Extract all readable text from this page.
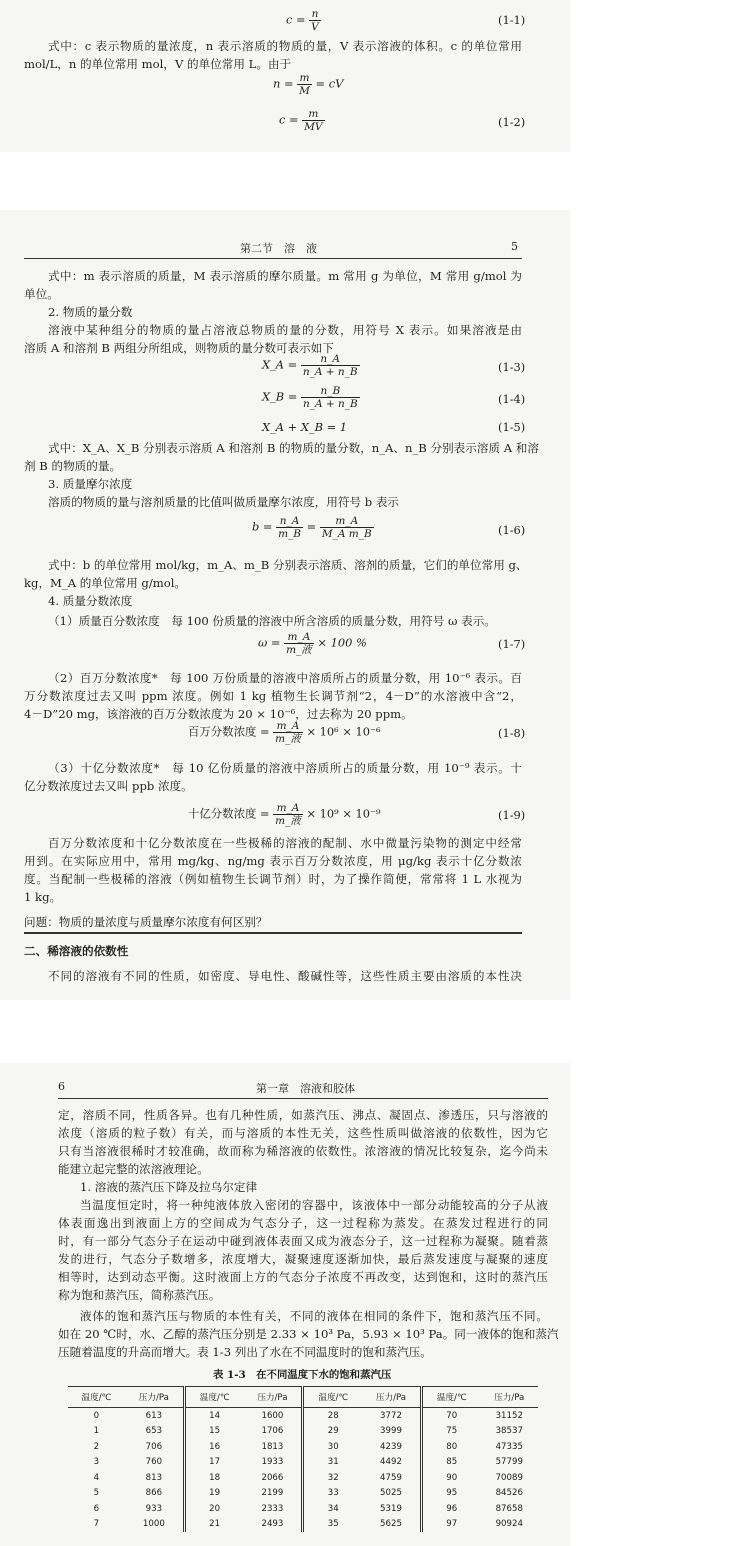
$c = \frac{n}{V}$	(1-1)
式中：c 表示物质的量浓度，n 表示溶质的物质的量，V 表示溶液的体积。c 的单位常用
mol/L，n 的单位常用 mol，V 的单位常用 L。由于
$n = \frac{m}{M}$ = cV
$c = \frac{m}{MV}$	(1-2)
第二节　溶　液	5
式中：m 表示溶质的质量，M 表示溶质的摩尔质量。m 常用 g 为单位，M 常用 g/mol 为
单位。
2. 物质的量分数
溶液中某种组分的物质的量占溶液总物质的量的分数，用符号 X 表示。如果溶液是由
溶质 A 和溶剂 B 两组分所组成，则物质的量分数可表示如下
X_A = $\frac{n\_A}{n\_A + n\_B}$	(1-3)
X_B = $\frac{n\_B}{n\_A + n\_B}$	(1-4)
X_A + X_B = 1	(1-5)
式中：X_A、X_B 分别表示溶质 A 和溶剂 B 的物质的量分数，n_A、n_B 分别表示溶质 A 和溶
剂 B 的物质的量。
3. 质量摩尔浓度
溶质的物质的量与溶剂质量的比值叫做质量摩尔浓度，用符号 b 表示
$b = \frac{n\_A}{m\_B} = \frac{m\_A}{\text{M\_A m\_B}}$	(1-6)
式中：b 的单位常用 mol/kg，m_A、m_B 分别表示溶质、溶剂的质量，它们的单位常用 g、
kg，M_A 的单位常用 g/mol。
4. 质量分数浓度
（1）质量百分数浓度　每 100 份质量的溶液中所含溶质的质量分数，用符号 ω 表示。
$\omega = \frac{m\_A}{\text{m\_液}} \times 100$ %	(1-7)
（2）百万分数浓度*　每 100 万份质量的溶液中溶质所占的质量分数，用 10⁻⁶ 表示。百
万分数浓度过去又叫 ppm 浓度。例如 1 kg 植物生长调节剂“2，4－D”的水溶液中含“2，
4－D”20 mg，该溶液的百万分数浓度为 20 × 10⁻⁶，过去称为 20 ppm。
百万分数浓度 = $\frac{m\_A}{\text{m\_液}} \times 10^6 \times 10^{-6}$	(1-8)
（3）十亿分数浓度*　每 10 亿份质量的溶液中溶质所占的质量分数，用 10⁻⁹ 表示。十
亿分数浓度过去又叫 ppb 浓度。
十亿分数浓度 = $\frac{m\_A}{\text{m\_液}} \times 10^9 \times 10^{-9}$	(1-9)
百万分数浓度和十亿分数浓度在一些极稀的溶液的配制、水中微量污染物的测定中经常
用到。在实际应用中，常用 mg/kg、ng/mg 表示百万分数浓度，用 μg/kg 表示十亿分数浓
度。当配制一些极稀的溶液（例如植物生长调节剂）时，为了操作简便，常常将 1 L 水视为
1 kg。
问题：物质的量浓度与质量摩尔浓度有何区别？
二、稀溶液的依数性
不同的溶液有不同的性质，如密度、导电性、酸碱性等，这些性质主要由溶质的本性决
6	第一章　溶液和胶体
定，溶质不同，性质各异。也有几种性质，如蒸汽压、沸点、凝固点、渗透压，只与溶液的
浓度（溶质的粒子数）有关，而与溶质的本性无关，这些性质叫做溶液的依数性，因为它
只有当溶液很稀时才较准确，故而称为稀溶液的依数性。浓溶液的情况比较复杂，迄今尚未
能建立起完整的浓溶液理论。
1. 溶液的蒸汽压下降及拉乌尔定律
当温度恒定时，将一种纯液体放入密闭的容器中，该液体中一部分动能较高的分子从液
体表面逸出到液面上方的空间成为气态分子，这一过程称为蒸发。在蒸发过程进行的同
时，有一部分气态分子在运动中碰到液体表面又成为液态分子，这一过程称为凝聚。随着蒸
发的进行，气态分子数增多，浓度增大，凝聚速度逐渐加快，最后蒸发速度与凝聚的速度
相等时，达到动态平衡。这时液面上方的气态分子浓度不再改变，达到饱和，这时的蒸汽压
称为饱和蒸汽压，简称蒸汽压。
液体的饱和蒸汽压与物质的本性有关，不同的液体在相同的条件下，饱和蒸汽压不同。
如在 20 ℃时，水、乙醇的蒸汽压分别是 2.33 × 10³ Pa，5.93 × 10³ Pa。同一液体的饱和蒸汽
压随着温度的升高而增大。表 1-3 列出了水在不同温度时的饱和蒸汽压。
表 1-3　在不同温度下水的饱和蒸汽压
温度/℃	压力/Pa	温度/℃	压力/Pa	温度/℃	压力/Pa	温度/℃	压力/Pa
0	613	14	1600	28	3772	70	31152
1	653	15	1706	29	3999	75	38537
2	706	16	1813	30	4239	80	47335
3	760	17	1933	31	4492	85	57799
4	813	18	2066	32	4759	90	70089
5	866	19	2199	33	5025	95	84526
6	933	20	2333	34	5319	96	87658
7	1000	21	2493	35	5625	97	90924
